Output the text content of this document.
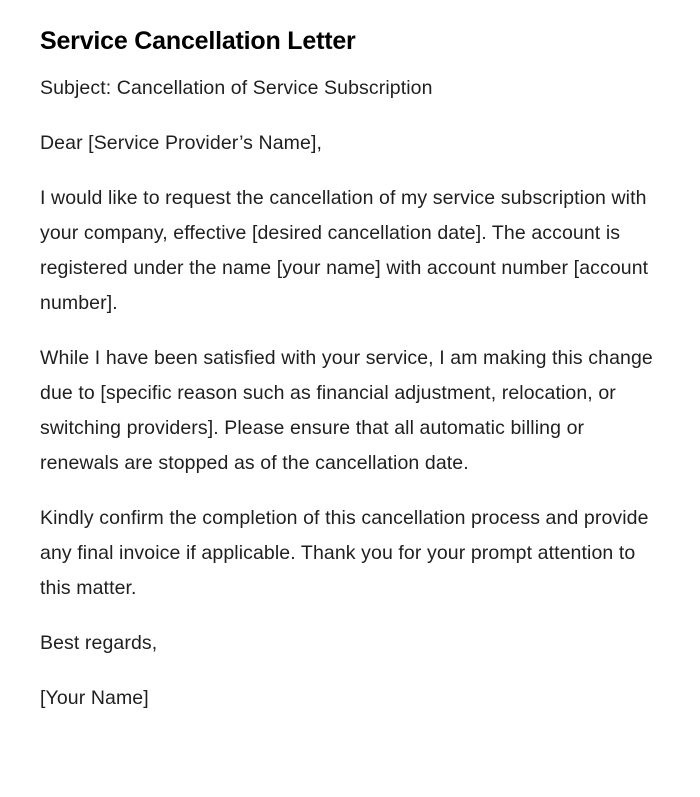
Service Cancellation Letter

Subject: Cancellation of Service Subscription

Dear [Service Provider’s Name],

I would like to request the cancellation of my service subscription with your company, effective [desired cancellation date]. The account is registered under the name [your name] with account number [account number].

While I have been satisfied with your service, I am making this change due to [specific reason such as financial adjustment, relocation, or switching providers]. Please ensure that all automatic billing or renewals are stopped as of the cancellation date.

Kindly confirm the completion of this cancellation process and provide any final invoice if applicable. Thank you for your prompt attention to this matter.

Best regards,

[Your Name]
